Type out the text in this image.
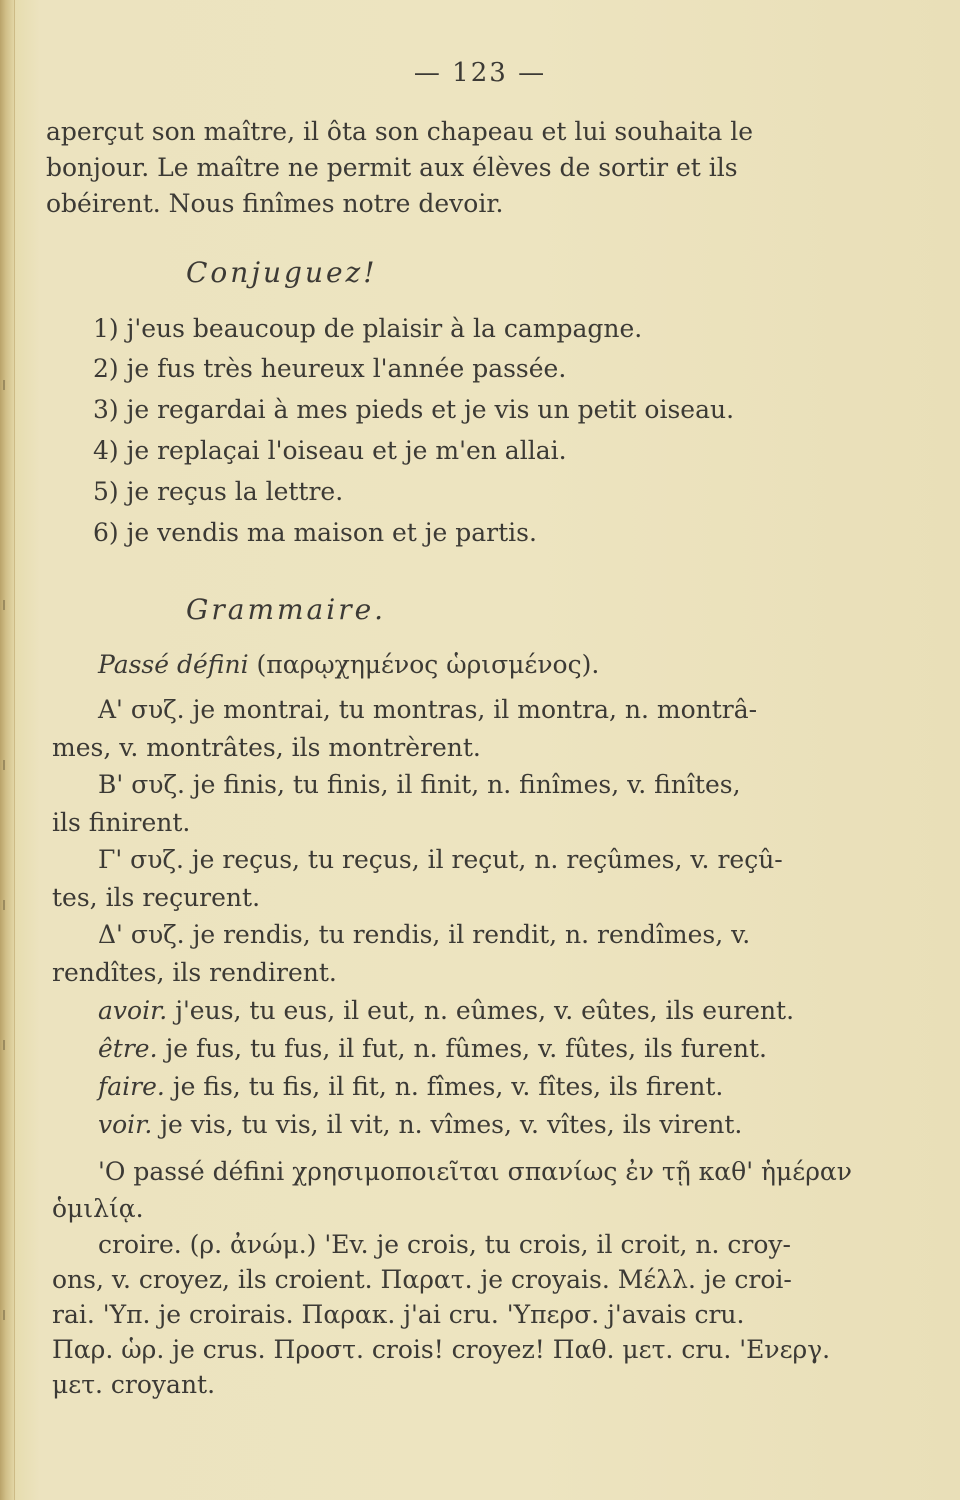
— 123 —
aperçut son maître, il ôta son chapeau et lui souhaita le
bonjour. Le maître ne permit aux élèves de sortir et ils
obéirent. Nous finîmes notre devoir.
Conjuguez!
1) j'eus beaucoup de plaisir à la campagne.
2) je fus très heureux l'année passée.
3) je regardai à mes pieds et je vis un petit oiseau.
4) je replaçai l'oiseau et je m'en allai.
5) je reçus la lettre.
6) je vendis ma maison et je partis.
Grammaire.
Passé défini (παρῳχημένος ὡρισμένος).
A' συζ. je montrai, tu montras, il montra, n. montrâ-
mes, v. montrâtes, ils montrèrent.
B' συζ. je finis, tu finis, il finit, n. finîmes, v. finîtes,
ils finirent.
Γ' συζ. je reçus, tu reçus, il reçut, n. reçûmes, v. reçû-
tes, ils reçurent.
Δ' συζ. je rendis, tu rendis, il rendit, n. rendîmes, v.
rendîtes, ils rendirent.
avoir. j'eus, tu eus, il eut, n. eûmes, v. eûtes, ils eurent.
être. je fus, tu fus, il fut, n. fûmes, v. fûtes, ils furent.
faire. je fis, tu fis, il fit, n. fîmes, v. fîtes, ils firent.
voir. je vis, tu vis, il vit, n. vîmes, v. vîtes, ils virent.
'O passé défini χρησιμοποιεῖται σπανίως ἐν τῇ καθ' ἡμέραν
ὁμιλίᾳ.
croire. (ρ. ἀνώμ.) 'Ev. je crois, tu crois, il croit, n. croy-
ons, v. croyez, ils croient. Παρατ. je croyais. Μέλλ. je croi-
rai. 'Υπ. je croirais. Παρακ. j'ai cru. 'Υπερσ. j'avais cru.
Παρ. ὡρ. je crus. Προστ. crois! croyez! Παθ. μετ. cru. 'Ενεργ.
μετ. croyant.
